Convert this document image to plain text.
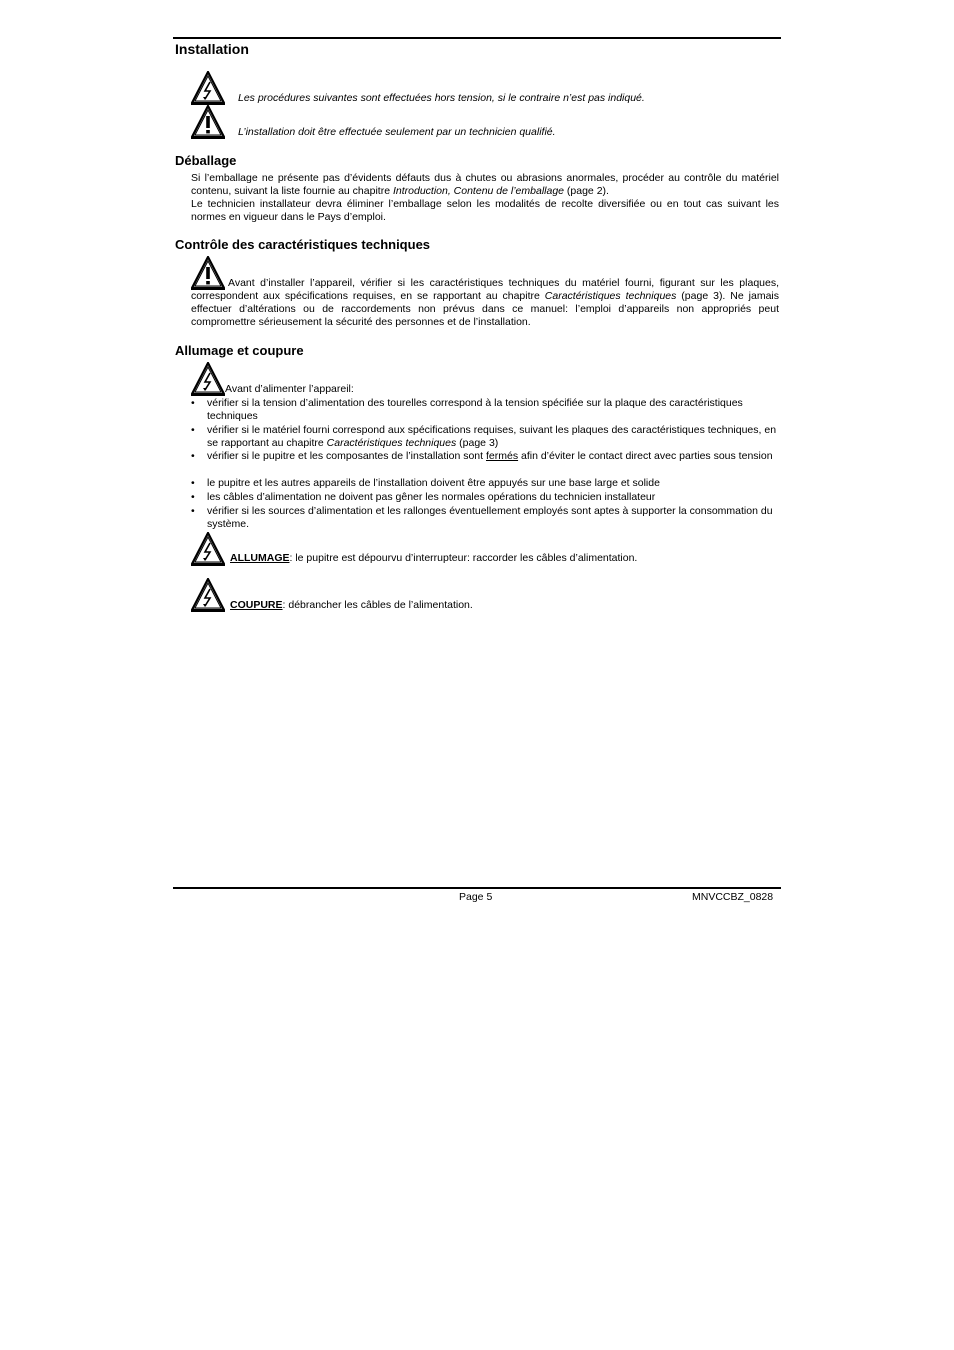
Installation
Les procédures suivantes sont effectuées hors tension, si le contraire n’est pas indiqué.
L’installation doit être effectuée seulement par un technicien qualifié.
Déballage
Si l’emballage ne présente pas d’évidents défauts dus à chutes ou abrasions anormales, procéder au contrôle du matériel contenu, suivant la liste fournie au chapitre Introduction, Contenu de l’emballage (page 2).
Le technicien installateur devra éliminer l’emballage selon les modalités de recolte diversifiée ou en tout cas suivant les normes en vigueur dans le Pays d’emploi.
Contrôle des caractéristiques techniques
Avant d’installer l’appareil, vérifier si les caractéristiques techniques du matériel fourni, figurant sur les plaques, correspondent aux spécifications requises, en se rapportant au chapitre Caractéristiques techniques (page 3). Ne jamais effectuer d’altérations ou de raccordements non prévus dans ce manuel: l’emploi d’appareils non appropriés peut compromettre sérieusement la sécurité des personnes et de l’installation.
Allumage et coupure
Avant d’alimenter l’appareil:
• vérifier si la tension d’alimentation des tourelles correspond à la tension spécifiée sur la plaque des caractéristiques techniques
• vérifier si le matériel fourni correspond aux spécifications requises, suivant les plaques des caractéristiques techniques, en se rapportant au chapitre Caractéristiques techniques (page 3)
• vérifier si le pupitre et les composantes de l’installation sont fermés afin d’éviter le contact direct avec parties sous tension
• le pupitre et les autres appareils de l’installation doivent être appuyés sur une base large et solide
• les câbles d’alimentation ne doivent pas gêner les normales opérations du technicien installateur
• vérifier si les sources d’alimentation et les rallonges éventuellement employés sont aptes à supporter la consommation du système.
ALLUMAGE: le pupitre est dépourvu d’interrupteur: raccorder les câbles d’alimentation.
COUPURE: débrancher les câbles de l’alimentation.
Page 5	MNVCCBZ_0828
